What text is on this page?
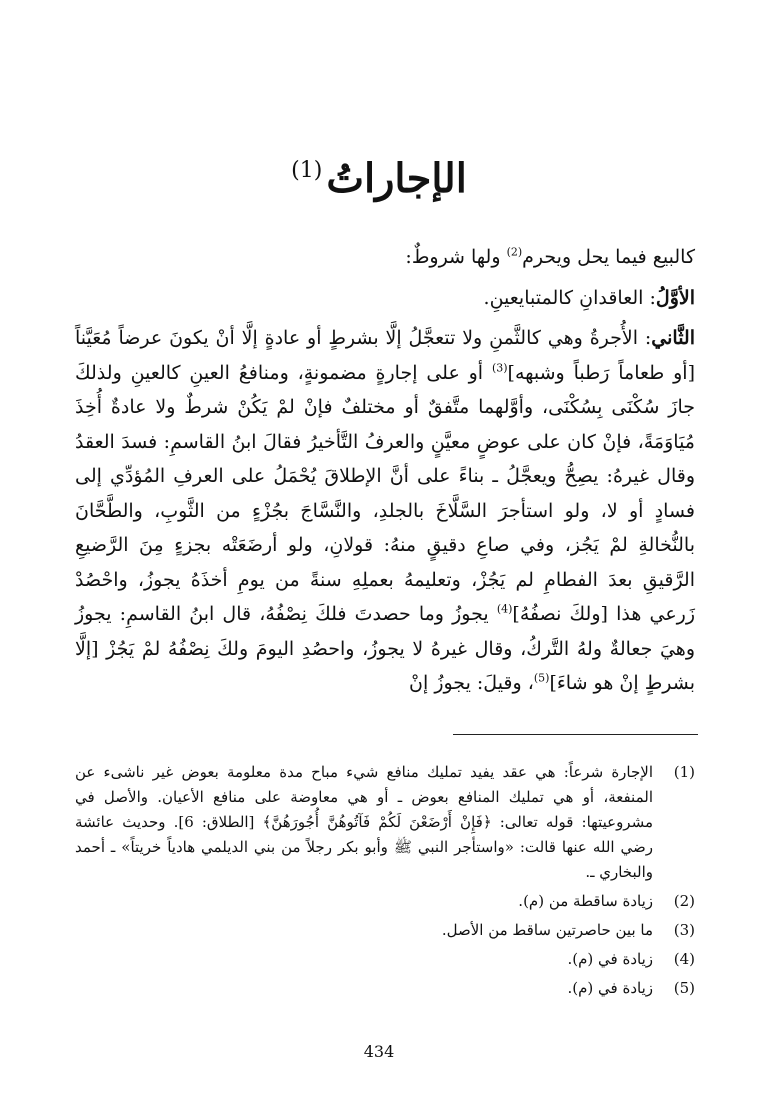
الإجاراتُ$^{(1)}$

كالبيع فيما يحل ويحرم$^{(2)}$ ولها شروطٌ:

الأوَّلُ: العاقدانِ كالمتبايعينِ.

الثَّاني: الأُجرةُ وهي كالثَّمنِ ولا تتعجَّلُ إلَّا بشرطٍ أو عادةٍ إلَّا أنْ يكونَ عرضاً مُعَيَّناً [أو طعاماً رَطباً وشبهه]$^{(3)}$ أو على إجارةٍ مضمونةٍ، ومنافعُ العينِ كالعينِ ولذلكَ جازَ سُكْنَى بِسُكْنَى، وأوَّلهما متَّفقٌ أو مختلفٌ فإنْ لمْ يَكُنْ شرطٌ ولا عادةٌ أُخِذَ مُيَاوَمَةً، فإنْ كان على عوضٍ معيَّنٍ والعرفُ التَّأخيرُ فقالَ ابنُ القاسمِ: فسدَ العقدُ وقال غيرهُ: يصِحُّ ويعجَّلُ ـ بناءً على أنَّ الإطلاقَ يُحْمَلُ على العرفِ المُؤدِّي إلى فسادٍ أو لا، ولو استأجرَ السَّلَّاخَ بالجلدِ، والنَّسَّاجَ بجُزْءٍ من الثَّوبِ، والطَّحَّانَ بالنُّخالةِ لمْ يَجُز، وفي صاعِ دقيقٍ منهُ: قولانِ، ولو أرضَعَتْه بجزءٍ مِنَ الرَّضيعِ الرَّقيقِ بعدَ الفطامِ لم يَجُزْ، وتعليمهُ بعملِهِ سنةً من يومِ أخذَهُ يجوزُ، واحْصُدْ زَرعي هذا [ولكَ نصفُهُ]$^{(4)}$ يجوزُ وما حصدتَ فلكَ نِصْفُهُ، قال ابنُ القاسمِ: يجوزُ وهيَ جعالةٌ ولهُ التَّركُ، وقال غيرهُ لا يجوزُ، واحصُدِ اليومَ ولكَ نِصْفُهُ لمْ يَجُزْ [إلَّا بشرطٍ إنْ هو شاءَ]$^{(5)}$، وقيلَ: يجوزُ إنْ

(1)
الإجارة شرعاً: هي عقد يفيد تمليك منافع شيء مباح مدة معلومة بعوض غير ناشىء عن المنفعة، أو هي تمليك المنافع بعوض ـ أو هي معاوضة على منافع الأعيان. والأصل في مشروعيتها: قوله تعالى: ﴿فَإِنْ أَرْضَعْنَ لَكُمْ فَآتُوهُنَّ أُجُورَهُنَّ﴾ [الطلاق: 6]. وحديث عائشة رضي الله عنها قالت: «واستأجر النبي ﷺ وأبو بكر رجلاً من بني الديلمي هادياً خريتاً» ـ أحمد والبخاري ـ.
(2)
زيادة ساقطة من (م).
(3)
ما بين حاصرتين ساقط من الأصل.
(4)
زيادة في (م).
(5)
زيادة في (م).
434
